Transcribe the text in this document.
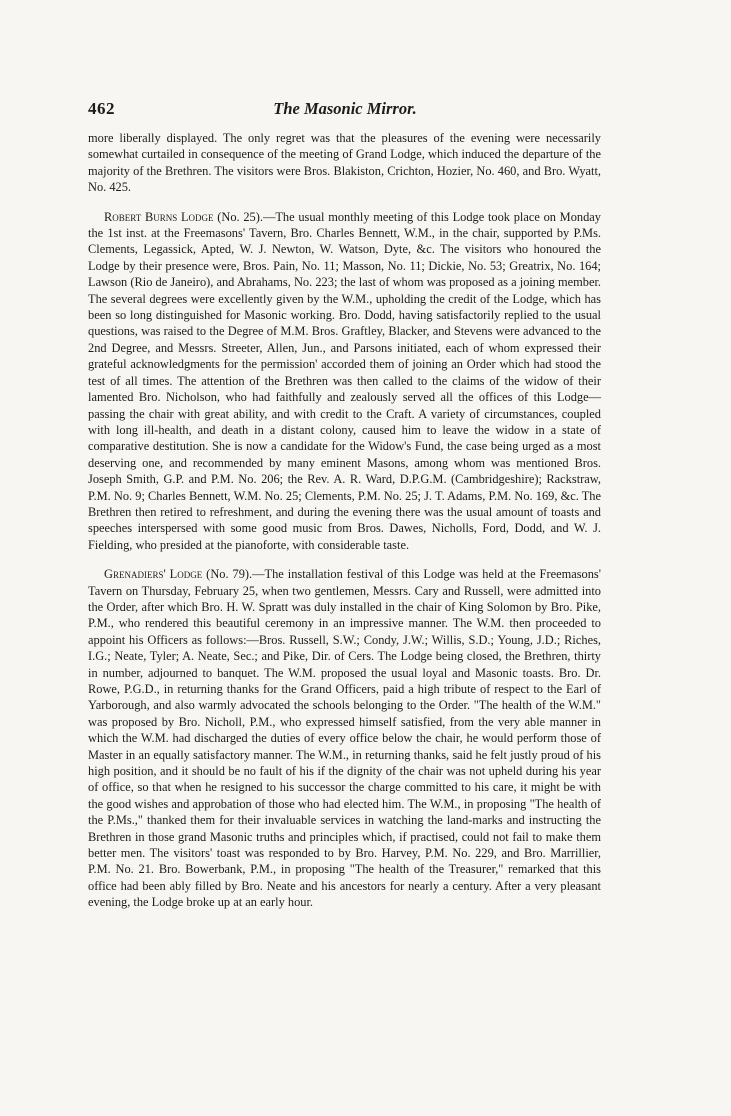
462	The Masonic Mirror.

more liberally displayed. The only regret was that the pleasures of the evening were necessarily somewhat curtailed in consequence of the meeting of Grand Lodge, which induced the departure of the majority of the Brethren. The visitors were Bros. Blakiston, Crichton, Hozier, No. 460, and Bro. Wyatt, No. 425.

Robert Burns Lodge (No. 25).—The usual monthly meeting of this Lodge took place on Monday the 1st inst. at the Freemasons' Tavern, Bro. Charles Bennett, W.M., in the chair, supported by P.Ms. Clements, Legassick, Apted, W. J. Newton, W. Watson, Dyte, &c. The visitors who honoured the Lodge by their presence were, Bros. Pain, No. 11; Masson, No. 11; Dickie, No. 53; Greatrix, No. 164; Lawson (Rio de Janeiro), and Abrahams, No. 223; the last of whom was proposed as a joining member. The several degrees were excellently given by the W.M., upholding the credit of the Lodge, which has been so long distinguished for Masonic working. Bro. Dodd, having satisfactorily replied to the usual questions, was raised to the Degree of M.M. Bros. Graftley, Blacker, and Stevens were advanced to the 2nd Degree, and Messrs. Streeter, Allen, Jun., and Parsons initiated, each of whom expressed their grateful acknowledgments for the permission' accorded them of joining an Order which had stood the test of all times. The attention of the Brethren was then called to the claims of the widow of their lamented Bro. Nicholson, who had faithfully and zealously served all the offices of this Lodge—passing the chair with great ability, and with credit to the Craft. A variety of circumstances, coupled with long ill-health, and death in a distant colony, caused him to leave the widow in a state of comparative destitution. She is now a candidate for the Widow's Fund, the case being urged as a most deserving one, and recommended by many eminent Masons, among whom was mentioned Bros. Joseph Smith, G.P. and P.M. No. 206; the Rev. A. R. Ward, D.P.G.M. (Cambridgeshire); Rackstraw, P.M. No. 9; Charles Bennett, W.M. No. 25; Clements, P.M. No. 25; J. T. Adams, P.M. No. 169, &c. The Brethren then retired to refreshment, and during the evening there was the usual amount of toasts and speeches interspersed with some good music from Bros. Dawes, Nicholls, Ford, Dodd, and W. J. Fielding, who presided at the pianoforte, with considerable taste.

Grenadiers' Lodge (No. 79).—The installation festival of this Lodge was held at the Freemasons' Tavern on Thursday, February 25, when two gentlemen, Messrs. Cary and Russell, were admitted into the Order, after which Bro. H. W. Spratt was duly installed in the chair of King Solomon by Bro. Pike, P.M., who rendered this beautiful ceremony in an impressive manner. The W.M. then proceeded to appoint his Officers as follows:—Bros. Russell, S.W.; Condy, J.W.; Willis, S.D.; Young, J.D.; Riches, I.G.; Neate, Tyler; A. Neate, Sec.; and Pike, Dir. of Cers. The Lodge being closed, the Brethren, thirty in number, adjourned to banquet. The W.M. proposed the usual loyal and Masonic toasts. Bro. Dr. Rowe, P.G.D., in returning thanks for the Grand Officers, paid a high tribute of respect to the Earl of Yarborough, and also warmly advocated the schools belonging to the Order. "The health of the W.M." was proposed by Bro. Nicholl, P.M., who expressed himself satisfied, from the very able manner in which the W.M. had discharged the duties of every office below the chair, he would perform those of Master in an equally satisfactory manner. The W.M., in returning thanks, said he felt justly proud of his high position, and it should be no fault of his if the dignity of the chair was not upheld during his year of office, so that when he resigned to his successor the charge committed to his care, it might be with the good wishes and approbation of those who had elected him. The W.M., in proposing "The health of the P.Ms.," thanked them for their invaluable services in watching the land-marks and instructing the Brethren in those grand Masonic truths and principles which, if practised, could not fail to make them better men. The visitors' toast was responded to by Bro. Harvey, P.M. No. 229, and Bro. Marrillier, P.M. No. 21. Bro. Bowerbank, P.M., in proposing "The health of the Treasurer," remarked that this office had been ably filled by Bro. Neate and his ancestors for nearly a century. After a very pleasant evening, the Lodge broke up at an early hour.
